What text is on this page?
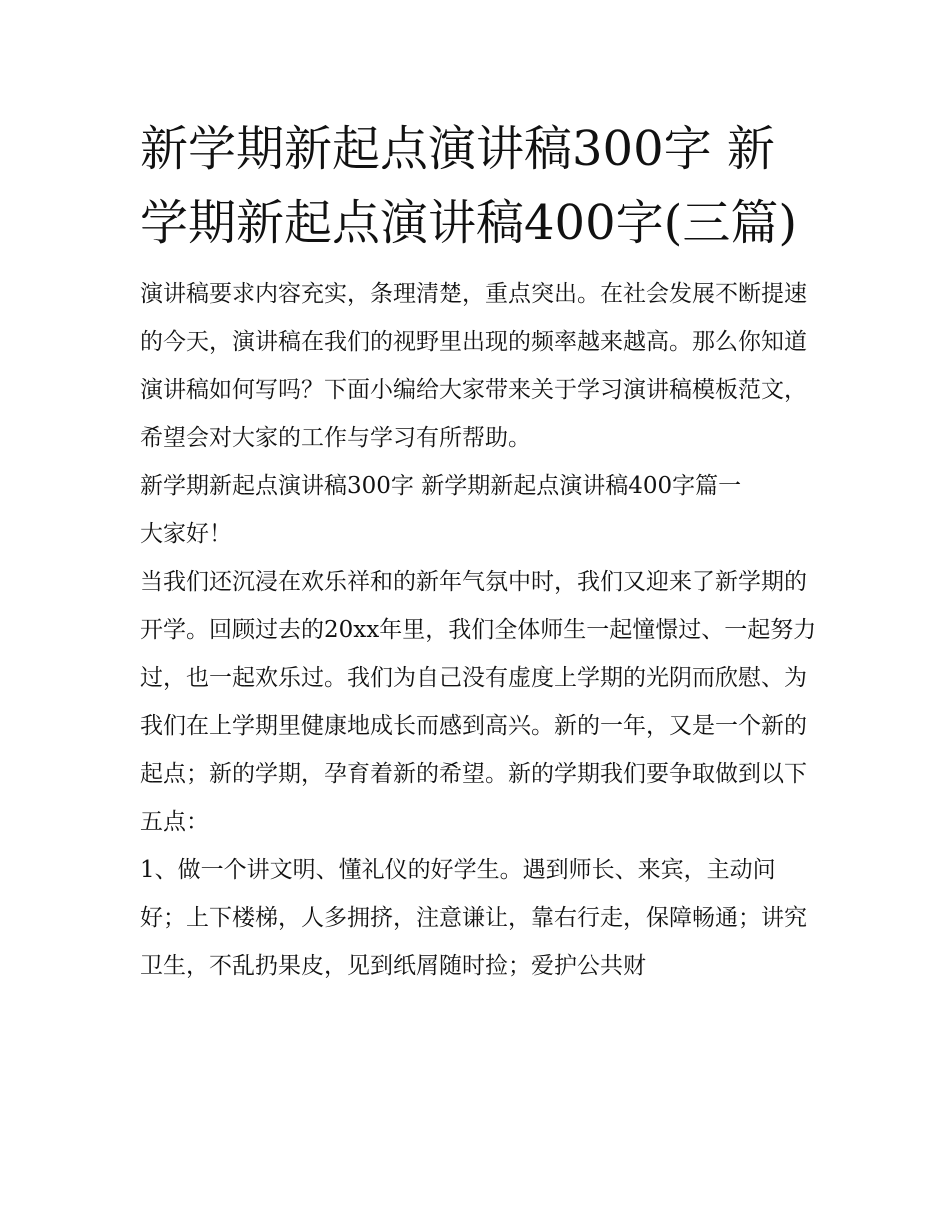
新学期新起点演讲稿300字 新学期新起点演讲稿400字(三篇)

演讲稿要求内容充实，条理清楚，重点突出。在社会发展不断提速的今天，演讲稿在我们的视野里出现的频率越来越高。那么你知道演讲稿如何写吗？下面小编给大家带来关于学习演讲稿模板范文，希望会对大家的工作与学习有所帮助。

新学期新起点演讲稿300字 新学期新起点演讲稿400字篇一

大家好！

当我们还沉浸在欢乐祥和的新年气氛中时，我们又迎来了新学期的开学。回顾过去的20xx年里，我们全体师生一起憧憬过、一起努力过，也一起欢乐过。我们为自己没有虚度上学期的光阴而欣慰、为我们在上学期里健康地成长而感到高兴。新的一年，又是一个新的起点；新的学期，孕育着新的希望。新的学期我们要争取做到以下五点：

1、做一个讲文明、懂礼仪的好学生。遇到师长、来宾，主动问好；上下楼梯，人多拥挤，注意谦让，靠右行走，保障畅通；讲究卫生，不乱扔果皮，见到纸屑随时捡；爱护公共财
